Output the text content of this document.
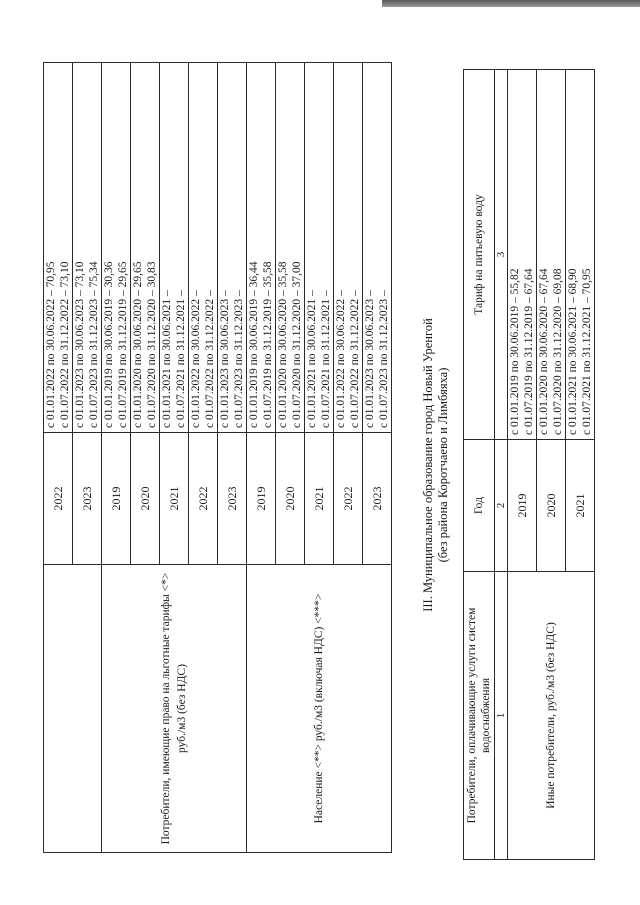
	2022	с 01.01.2022 по 30.06.2022 – 70,95 с 01.07.2022 по 31.12.2022 – 73,10

	2023	с 01.01.2023 по 30.06.2023 – 73,10 с 01.07.2023 по 31.12.2023 – 75,34

Потребители, имеющие право на льготные тарифы <*> руб./м3 (без НДС)	2019	с 01.01.2019 по 30.06.2019 – 30,36 с 01.07.2019 по 31.12.2019 – 29,65

	2020	с 01.01.2020 по 30.06.2020 – 29,65 с 01.07.2020 по 31.12.2020 – 30,83

	2021	с 01.01.2021 по 30.06.2021 – с 01.07.2021 по 31.12.2021 –

	2022	с 01.01.2022 по 30.06.2022 – с 01.07.2022 по 31.12.2022 –

	2023	с 01.01.2023 по 30.06.2023 – с 01.07.2023 по 31.12.2023 –

Население <**> руб./м3 (включая НДС) <***>	2019	с 01.01.2019 по 30.06.2019 – 36,44 с 01.07.2019 по 31.12.2019 – 35,58

	2020	с 01.01.2020 по 30.06.2020 – 35,58 с 01.07.2020 по 31.12.2020 – 37,00

	2021	с 01.01.2021 по 30.06.2021 – с 01.07.2021 по 31.12.2021 –

	2022	с 01.01.2022 по 30.06.2022 – с 01.07.2022 по 31.12.2022 –

	2023	с 01.01.2023 по 30.06.2023 – с 01.07.2023 по 31.12.2023 – III. Муниципальное образование город Новый Уренгой (без района Коротчаево и Лимбяяха)
Потребители, оплачивающие услуги систем водоснабжения	Год	Тариф на питьевую воду
1	2	3
Иные потребители, руб./м3 (без НДС)	2019	с 01.01.2019 по 30.06.2019 – 55,82 с 01.07.2019 по 31.12.2019 – 67,64

	2020	с 01.01.2020 по 30.06.2020 – 67,64 с 01.07.2020 по 31.12.2020 – 69,08

	2021	с 01.01.2021 по 30.06.2021 – 68,90 с 01.07.2021 по 31.12.2021 – 70,95
